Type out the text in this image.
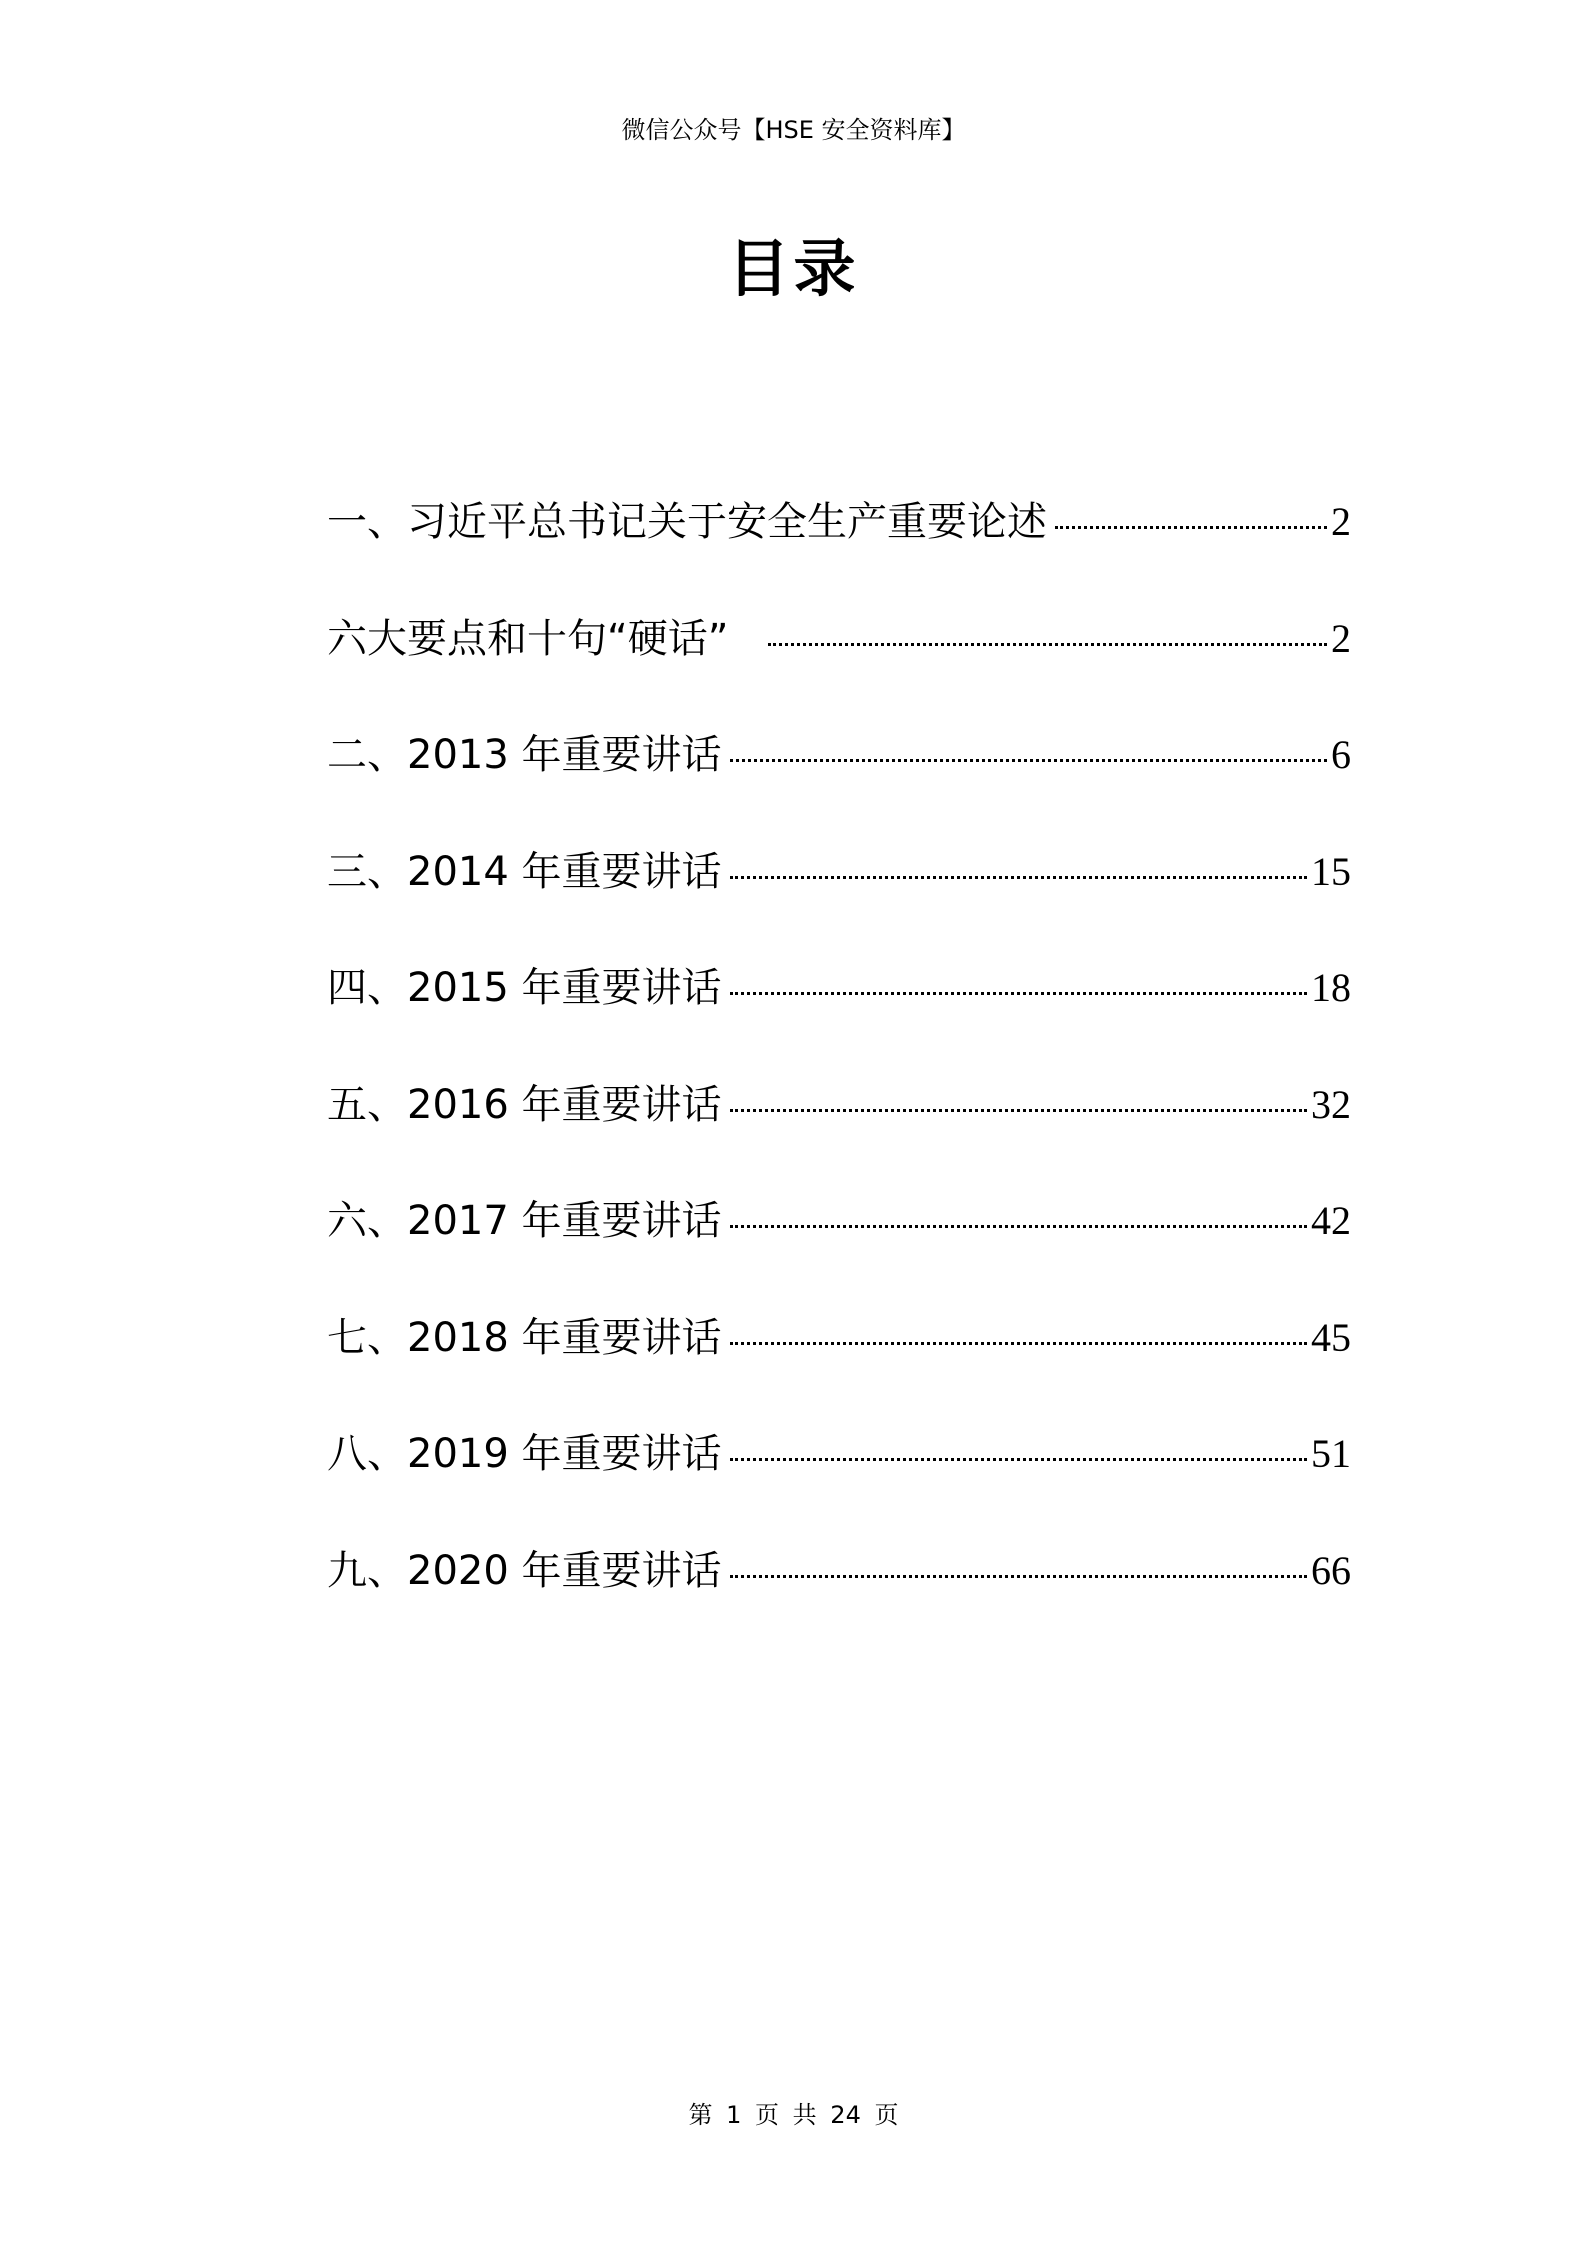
微信公众号【HSE 安全资料库】
目录
一、习近平总书记关于安全生产重要论述	2
六大要点和十句“硬话”	2
二、2013 年重要讲话	6
三、2014 年重要讲话	15
四、2015 年重要讲话	18
五、2016 年重要讲话	32
六、2017 年重要讲话	42
七、2018 年重要讲话	45
八、2019 年重要讲话	51
九、2020 年重要讲话	66
第 1 页 共 24 页
